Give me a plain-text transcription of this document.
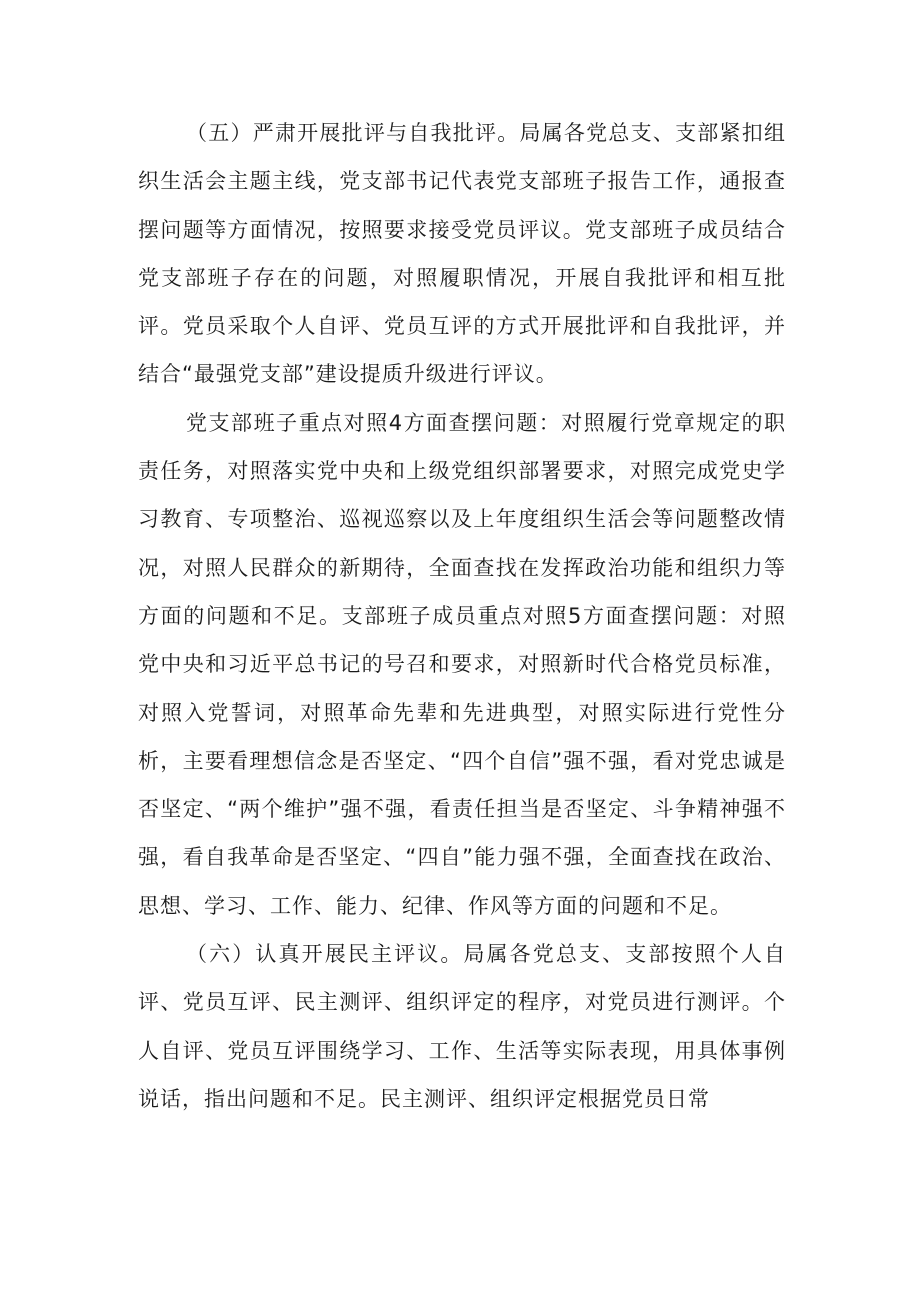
（五）严肃开展批评与自我批评。局属各党总支、支部紧扣组织生活会主题主线，党支部书记代表党支部班子报告工作，通报查摆问题等方面情况，按照要求接受党员评议。党支部班子成员结合党支部班子存在的问题，对照履职情况，开展自我批评和相互批评。党员采取个人自评、党员互评的方式开展批评和自我批评，并结合“最强党支部”建设提质升级进行评议。

党支部班子重点对照4方面查摆问题：对照履行党章规定的职责任务，对照落实党中央和上级党组织部署要求，对照完成党史学习教育、专项整治、巡视巡察以及上年度组织生活会等问题整改情况，对照人民群众的新期待，全面查找在发挥政治功能和组织力等方面的问题和不足。支部班子成员重点对照5方面查摆问题：对照党中央和习近平总书记的号召和要求，对照新时代合格党员标准，对照入党誓词，对照革命先辈和先进典型，对照实际进行党性分析，主要看理想信念是否坚定、“四个自信”强不强，看对党忠诚是否坚定、“两个维护”强不强，看责任担当是否坚定、斗争精神强不强，看自我革命是否坚定、“四自”能力强不强，全面查找在政治、思想、学习、工作、能力、纪律、作风等方面的问题和不足。

（六）认真开展民主评议。局属各党总支、支部按照个人自评、党员互评、民主测评、组织评定的程序，对党员进行测评。个人自评、党员互评围绕学习、工作、生活等实际表现，用具体事例说话，指出问题和不足。民主测评、组织评定根据党员日常
